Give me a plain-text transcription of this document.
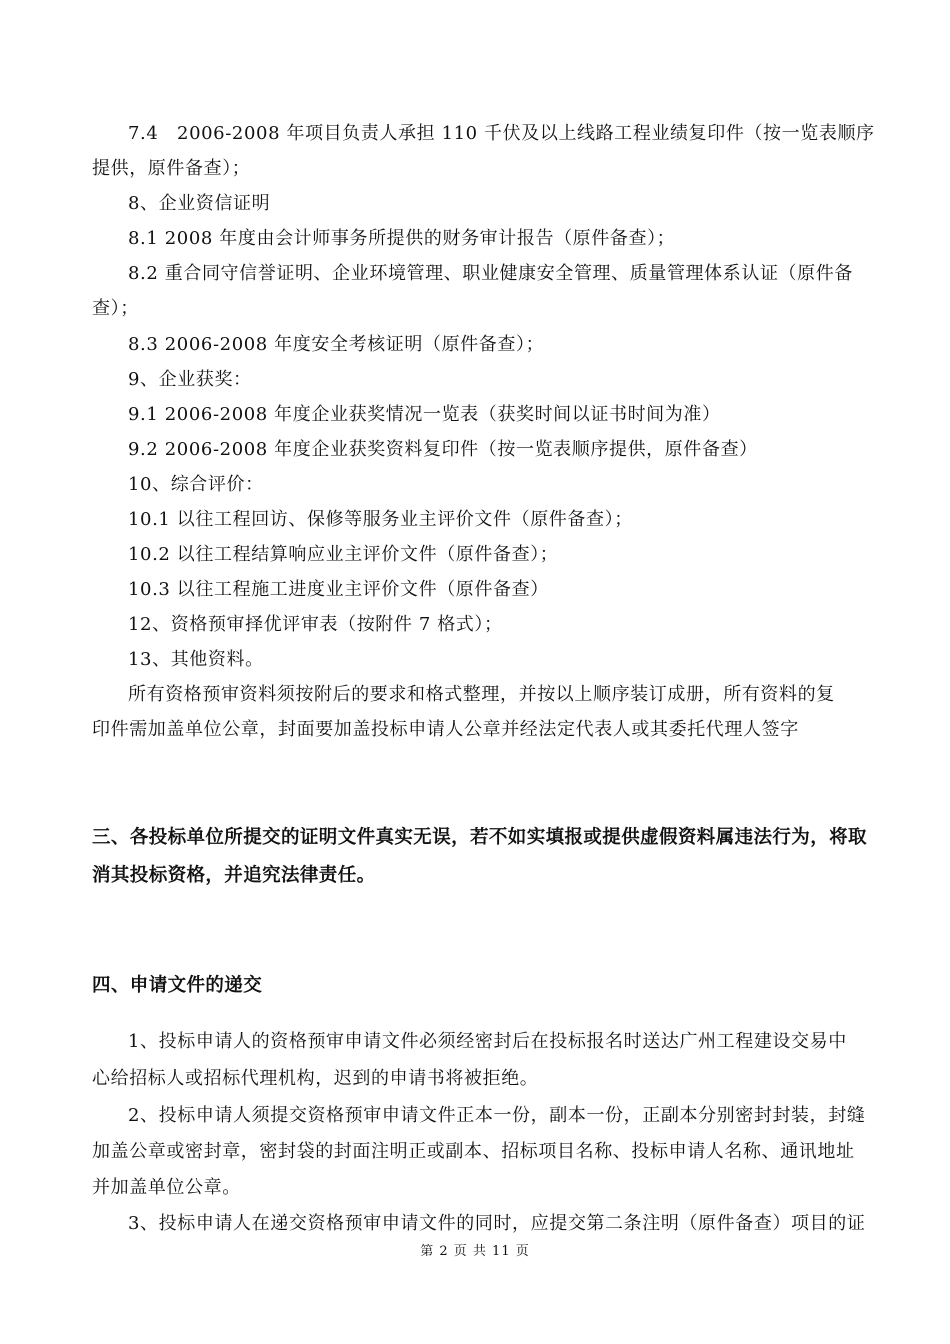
7.4　2006-2008 年项目负责人承担 110 千伏及以上线路工程业绩复印件（按一览表顺序
提供，原件备查）；
8、企业资信证明
8.1 2008 年度由会计师事务所提供的财务审计报告（原件备查）；
8.2 重合同守信誉证明、企业环境管理、职业健康安全管理、质量管理体系认证（原件备
查）；
8.3 2006-2008 年度安全考核证明（原件备查）；
9、企业获奖：
9.1 2006-2008 年度企业获奖情况一览表（获奖时间以证书时间为准）
9.2 2006-2008 年度企业获奖资料复印件（按一览表顺序提供，原件备查）
10、综合评价：
10.1 以往工程回访、保修等服务业主评价文件（原件备查）；
10.2 以往工程结算响应业主评价文件（原件备查）；
10.3 以往工程施工进度业主评价文件（原件备查）
12、资格预审择优评审表（按附件 7 格式）；
13、其他资料。
所有资格预审资料须按附后的要求和格式整理，并按以上顺序装订成册，所有资料的复
印件需加盖单位公章，封面要加盖投标申请人公章并经法定代表人或其委托代理人签字
三、各投标单位所提交的证明文件真实无误，若不如实填报或提供虚假资料属违法行为，将取
消其投标资格，并追究法律责任。
四、申请文件的递交
1、投标申请人的资格预审申请文件必须经密封后在投标报名时送达广州工程建设交易中
心给招标人或招标代理机构，迟到的申请书将被拒绝。
2、投标申请人须提交资格预审申请文件正本一份，副本一份，正副本分别密封封装，封缝
加盖公章或密封章，密封袋的封面注明正或副本、招标项目名称、投标申请人名称、通讯地址
并加盖单位公章。
3、投标申请人在递交资格预审申请文件的同时，应提交第二条注明（原件备查）项目的证
第 2 页 共 11 页
